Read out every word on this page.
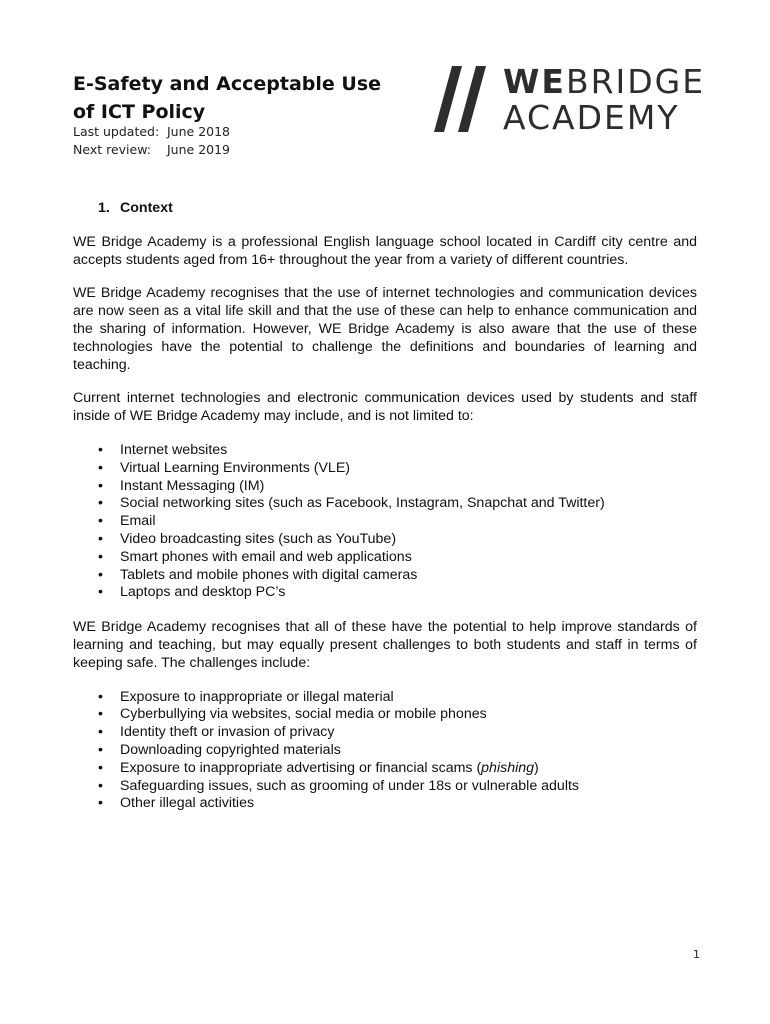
E-Safety and Acceptable Use of ICT Policy
Last updated: June 2018
Next review: June 2019
WEBRIDGE
ACADEMY

1. Context

WE Bridge Academy is a professional English language school located in Cardiff city centre and accepts students aged from 16+ throughout the year from a variety of different countries.

WE Bridge Academy recognises that the use of internet technologies and communication devices are now seen as a vital life skill and that the use of these can help to enhance communication and the sharing of information. However, WE Bridge Academy is also aware that the use of these technologies have the potential to challenge the definitions and boundaries of learning and teaching.

Current internet technologies and electronic communication devices used by students and staff inside of WE Bridge Academy may include, and is not limited to:

• Internet websites
• Virtual Learning Environments (VLE)
• Instant Messaging (IM)
• Social networking sites (such as Facebook, Instagram, Snapchat and Twitter)
• Email
• Video broadcasting sites (such as YouTube)
• Smart phones with email and web applications
• Tablets and mobile phones with digital cameras
• Laptops and desktop PC’s

WE Bridge Academy recognises that all of these have the potential to help improve standards of learning and teaching, but may equally present challenges to both students and staff in terms of keeping safe. The challenges include:

• Exposure to inappropriate or illegal material
• Cyberbullying via websites, social media or mobile phones
• Identity theft or invasion of privacy
• Downloading copyrighted materials
• Exposure to inappropriate advertising or financial scams (phishing)
• Safeguarding issues, such as grooming of under 18s or vulnerable adults
• Other illegal activities
1
